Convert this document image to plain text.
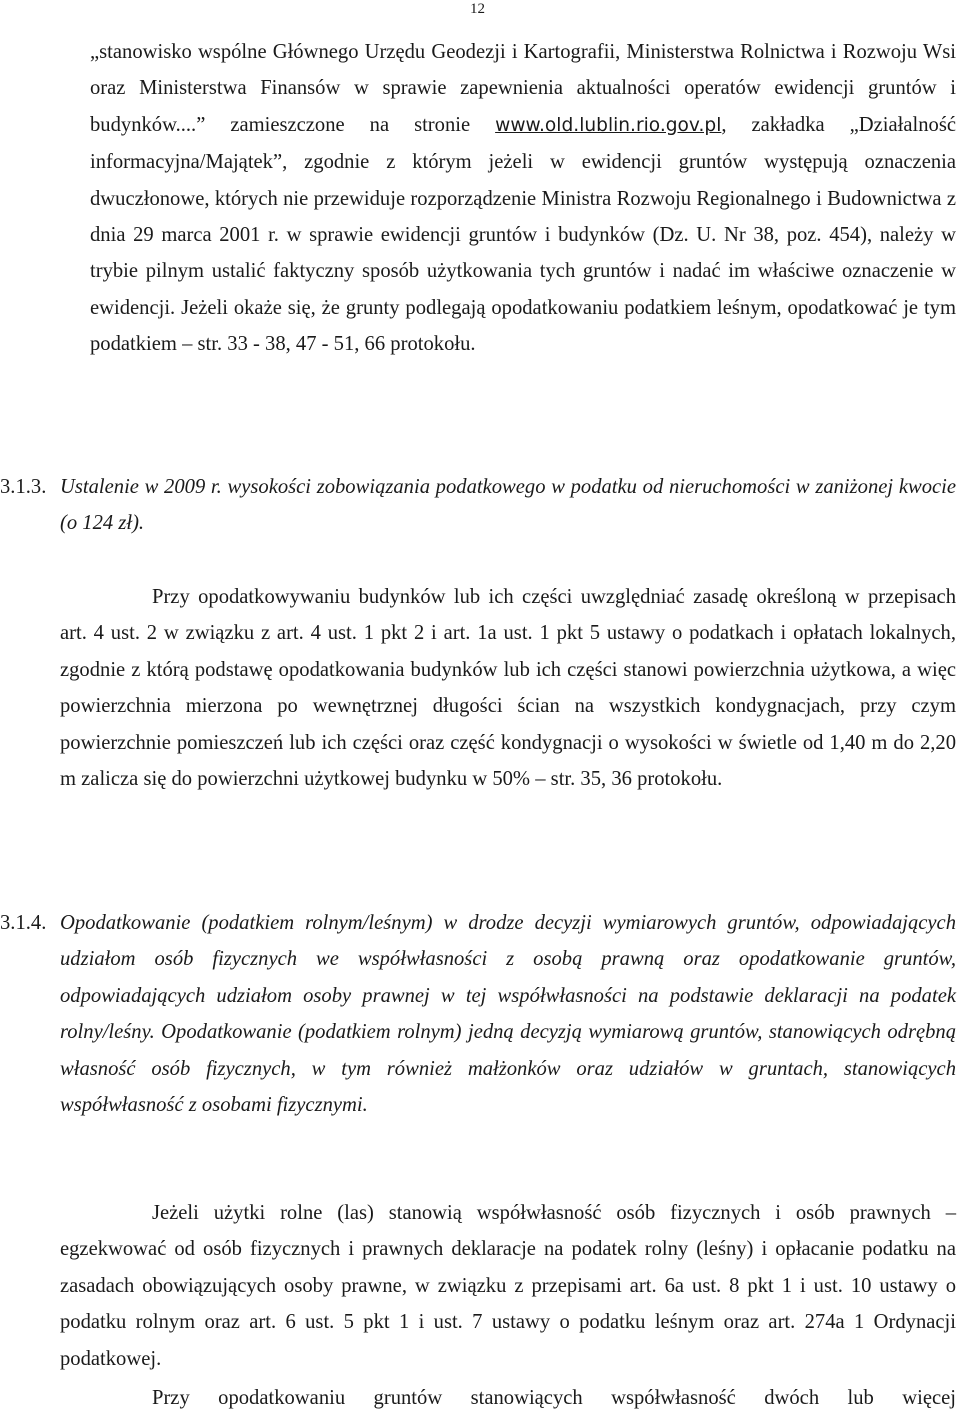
12
„stanowisko wspólne Głównego Urzędu Geodezji i Kartografii, Ministerstwa Rolnictwa i Rozwoju Wsi oraz Ministerstwa Finansów w sprawie zapewnienia aktualności operatów ewidencji gruntów i budynków....” zamieszczone na stronie www.old.lublin.rio.gov.pl, zakładka „Działalność informacyjna/Majątek”, zgodnie z którym jeżeli w ewidencji gruntów występują oznaczenia dwuczłonowe, których nie przewiduje rozporządzenie Ministra Rozwoju Regionalnego i Budownictwa z dnia 29 marca 2001 r. w sprawie ewidencji gruntów i budynków (Dz. U. Nr 38, poz. 454), należy w trybie pilnym ustalić faktyczny sposób użytkowania tych gruntów i nadać im właściwe oznaczenie w ewidencji. Jeżeli okaże się, że grunty podlegają opodatkowaniu podatkiem leśnym, opodatkować je tym podatkiem – str. 33 - 38, 47 - 51, 66 protokołu.
3.1.3. Ustalenie w 2009 r. wysokości zobowiązania podatkowego w podatku od nieruchomości w zaniżonej kwocie (o 124 zł).
Przy opodatkowywaniu budynków lub ich części uwzględniać zasadę określoną w przepisach art. 4 ust. 2 w związku z art. 4 ust. 1 pkt 2 i art. 1a ust. 1 pkt 5 ustawy o podatkach i opłatach lokalnych, zgodnie z którą podstawę opodatkowania budynków lub ich części stanowi powierzchnia użytkowa, a więc powierzchnia mierzona po wewnętrznej długości ścian na wszystkich kondygnacjach, przy czym powierzchnie pomieszczeń lub ich części oraz część kondygnacji o wysokości w świetle od 1,40 m do 2,20 m zalicza się do powierzchni użytkowej budynku w 50% – str. 35, 36 protokołu.
3.1.4. Opodatkowanie (podatkiem rolnym/leśnym) w drodze decyzji wymiarowych gruntów, odpowiadających udziałom osób fizycznych we współwłasności z osobą prawną oraz opodatkowanie gruntów, odpowiadających udziałom osoby prawnej w tej współwłasności na podstawie deklaracji na podatek rolny/leśny. Opodatkowanie (podatkiem rolnym) jedną decyzją wymiarową gruntów, stanowiących odrębną własność osób fizycznych, w tym również małżonków oraz udziałów w gruntach, stanowiących współwłasność z osobami fizycznymi.
Jeżeli użytki rolne (las) stanowią współwłasność osób fizycznych i osób prawnych – egzekwować od osób fizycznych i prawnych deklaracje na podatek rolny (leśny) i opłacanie podatku na zasadach obowiązujących osoby prawne, w związku z przepisami art. 6a ust. 8 pkt 1 i ust. 10 ustawy o podatku rolnym oraz art. 6 ust. 5 pkt 1 i ust. 7 ustawy o podatku leśnym oraz art. 274a 1 Ordynacji podatkowej.
Przy opodatkowaniu gruntów stanowiących współwłasność dwóch lub więcej
